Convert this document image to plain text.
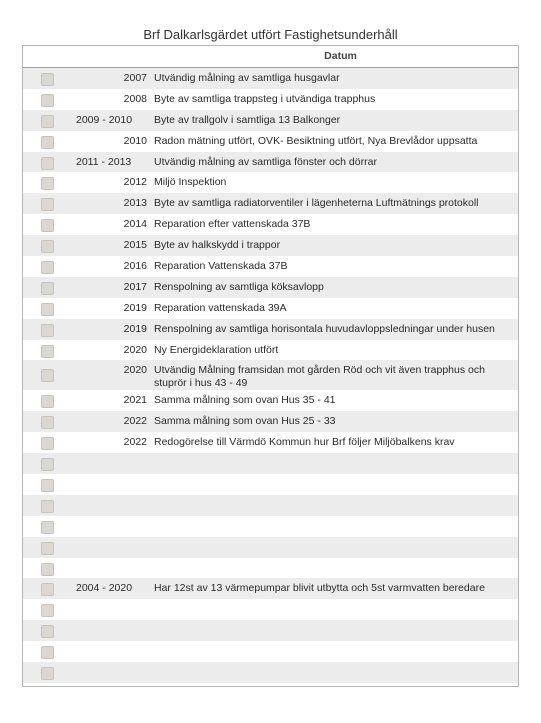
Brf Dalkarlsgärdet utfört Fastighetsunderhåll
Datum
2007 Utvändig målning av samtliga husgavlar
2008 Byte av samtliga trappsteg i utvändiga trapphus
2009 - 2010 Byte av trallgolv i samtliga 13 Balkonger
2010 Radon mätning utfört, OVK- Besiktning utfört, Nya Brevlådor uppsatta
2011 - 2013 Utvändig målning av samtliga fönster och dörrar
2012 Miljö Inspektion
2013 Byte av samtliga radiatorventiler i lägenheterna Luftmätnings protokoll
2014 Reparation efter vattenskada 37B
2015 Byte av halkskydd i trappor
2016 Reparation Vattenskada 37B
2017 Renspolning av samtliga köksavlopp
2019 Reparation vattenskada 39A
2019 Renspolning av samtliga horisontala huvudavloppsledningar under husen
2020 Ny Energideklaration utfört
2020 Utvändig Målning framsidan mot gården Röd och vit även trapphus och stuprör i hus 43 - 49
2021 Samma målning som ovan Hus 35 - 41
2022 Samma målning som ovan Hus 25 - 33
2022 Redogörelse till Värmdö Kommun hur Brf följer Miljöbalkens krav
2004 - 2020 Har 12st av 13 värmepumpar blivit utbytta och 5st varmvatten beredare
